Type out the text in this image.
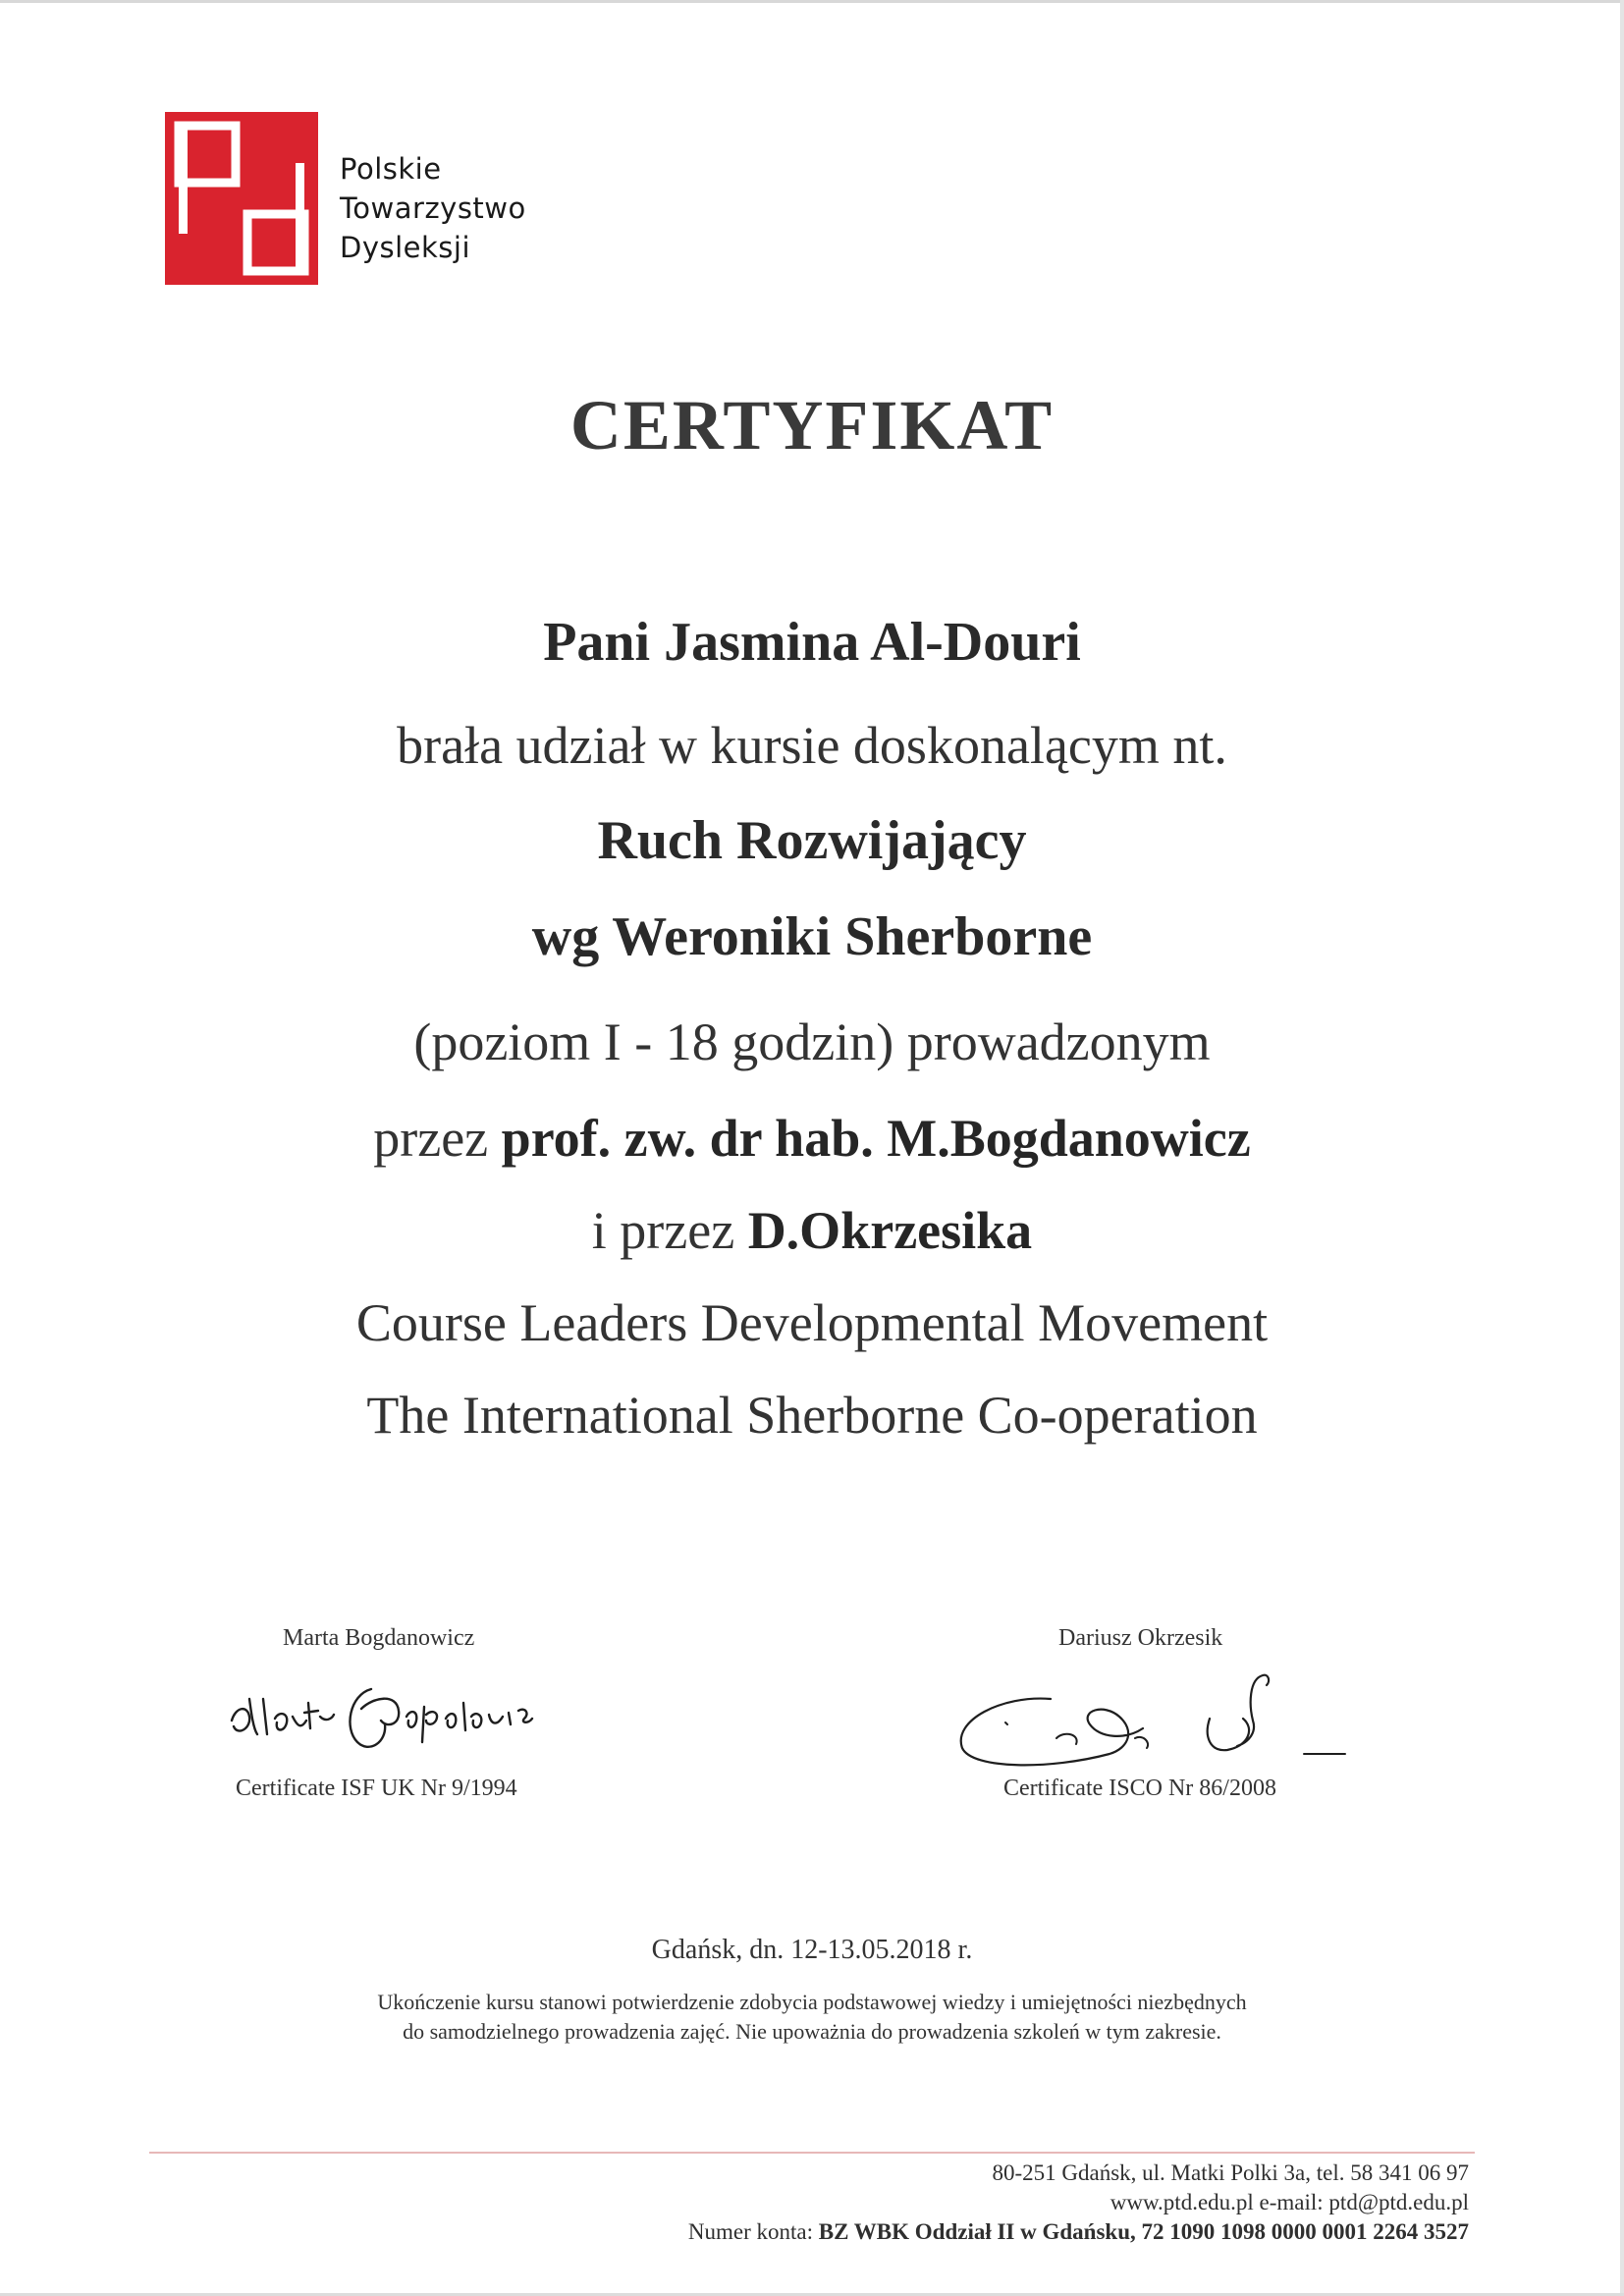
Polskie
Towarzystwo
Dysleksji
CERTYFIKAT
Pani Jasmina Al-Douri
brała udział w kursie doskonalącym nt.
Ruch Rozwijający
wg Weroniki Sherborne
(poziom I - 18 godzin) prowadzonym
przez prof. zw. dr hab. M.Bogdanowicz
i przez D.Okrzesika
Course Leaders Developmental Movement
The International Sherborne Co-operation
Marta Bogdanowicz
Certificate ISF UK Nr 9/1994
Dariusz Okrzesik
Certificate ISCO Nr 86/2008
Gdańsk, dn. 12-13.05.2018 r.
Ukończenie kursu stanowi potwierdzenie zdobycia podstawowej wiedzy i umiejętności niezbędnych
do samodzielnego prowadzenia zajęć. Nie upoważnia do prowadzenia szkoleń w tym zakresie.
80-251 Gdańsk, ul. Matki Polki 3a, tel. 58 341 06 97
www.ptd.edu.pl e-mail: ptd@ptd.edu.pl
Numer konta: BZ WBK Oddział II w Gdańsku, 72 1090 1098 0000 0001 2264 3527
